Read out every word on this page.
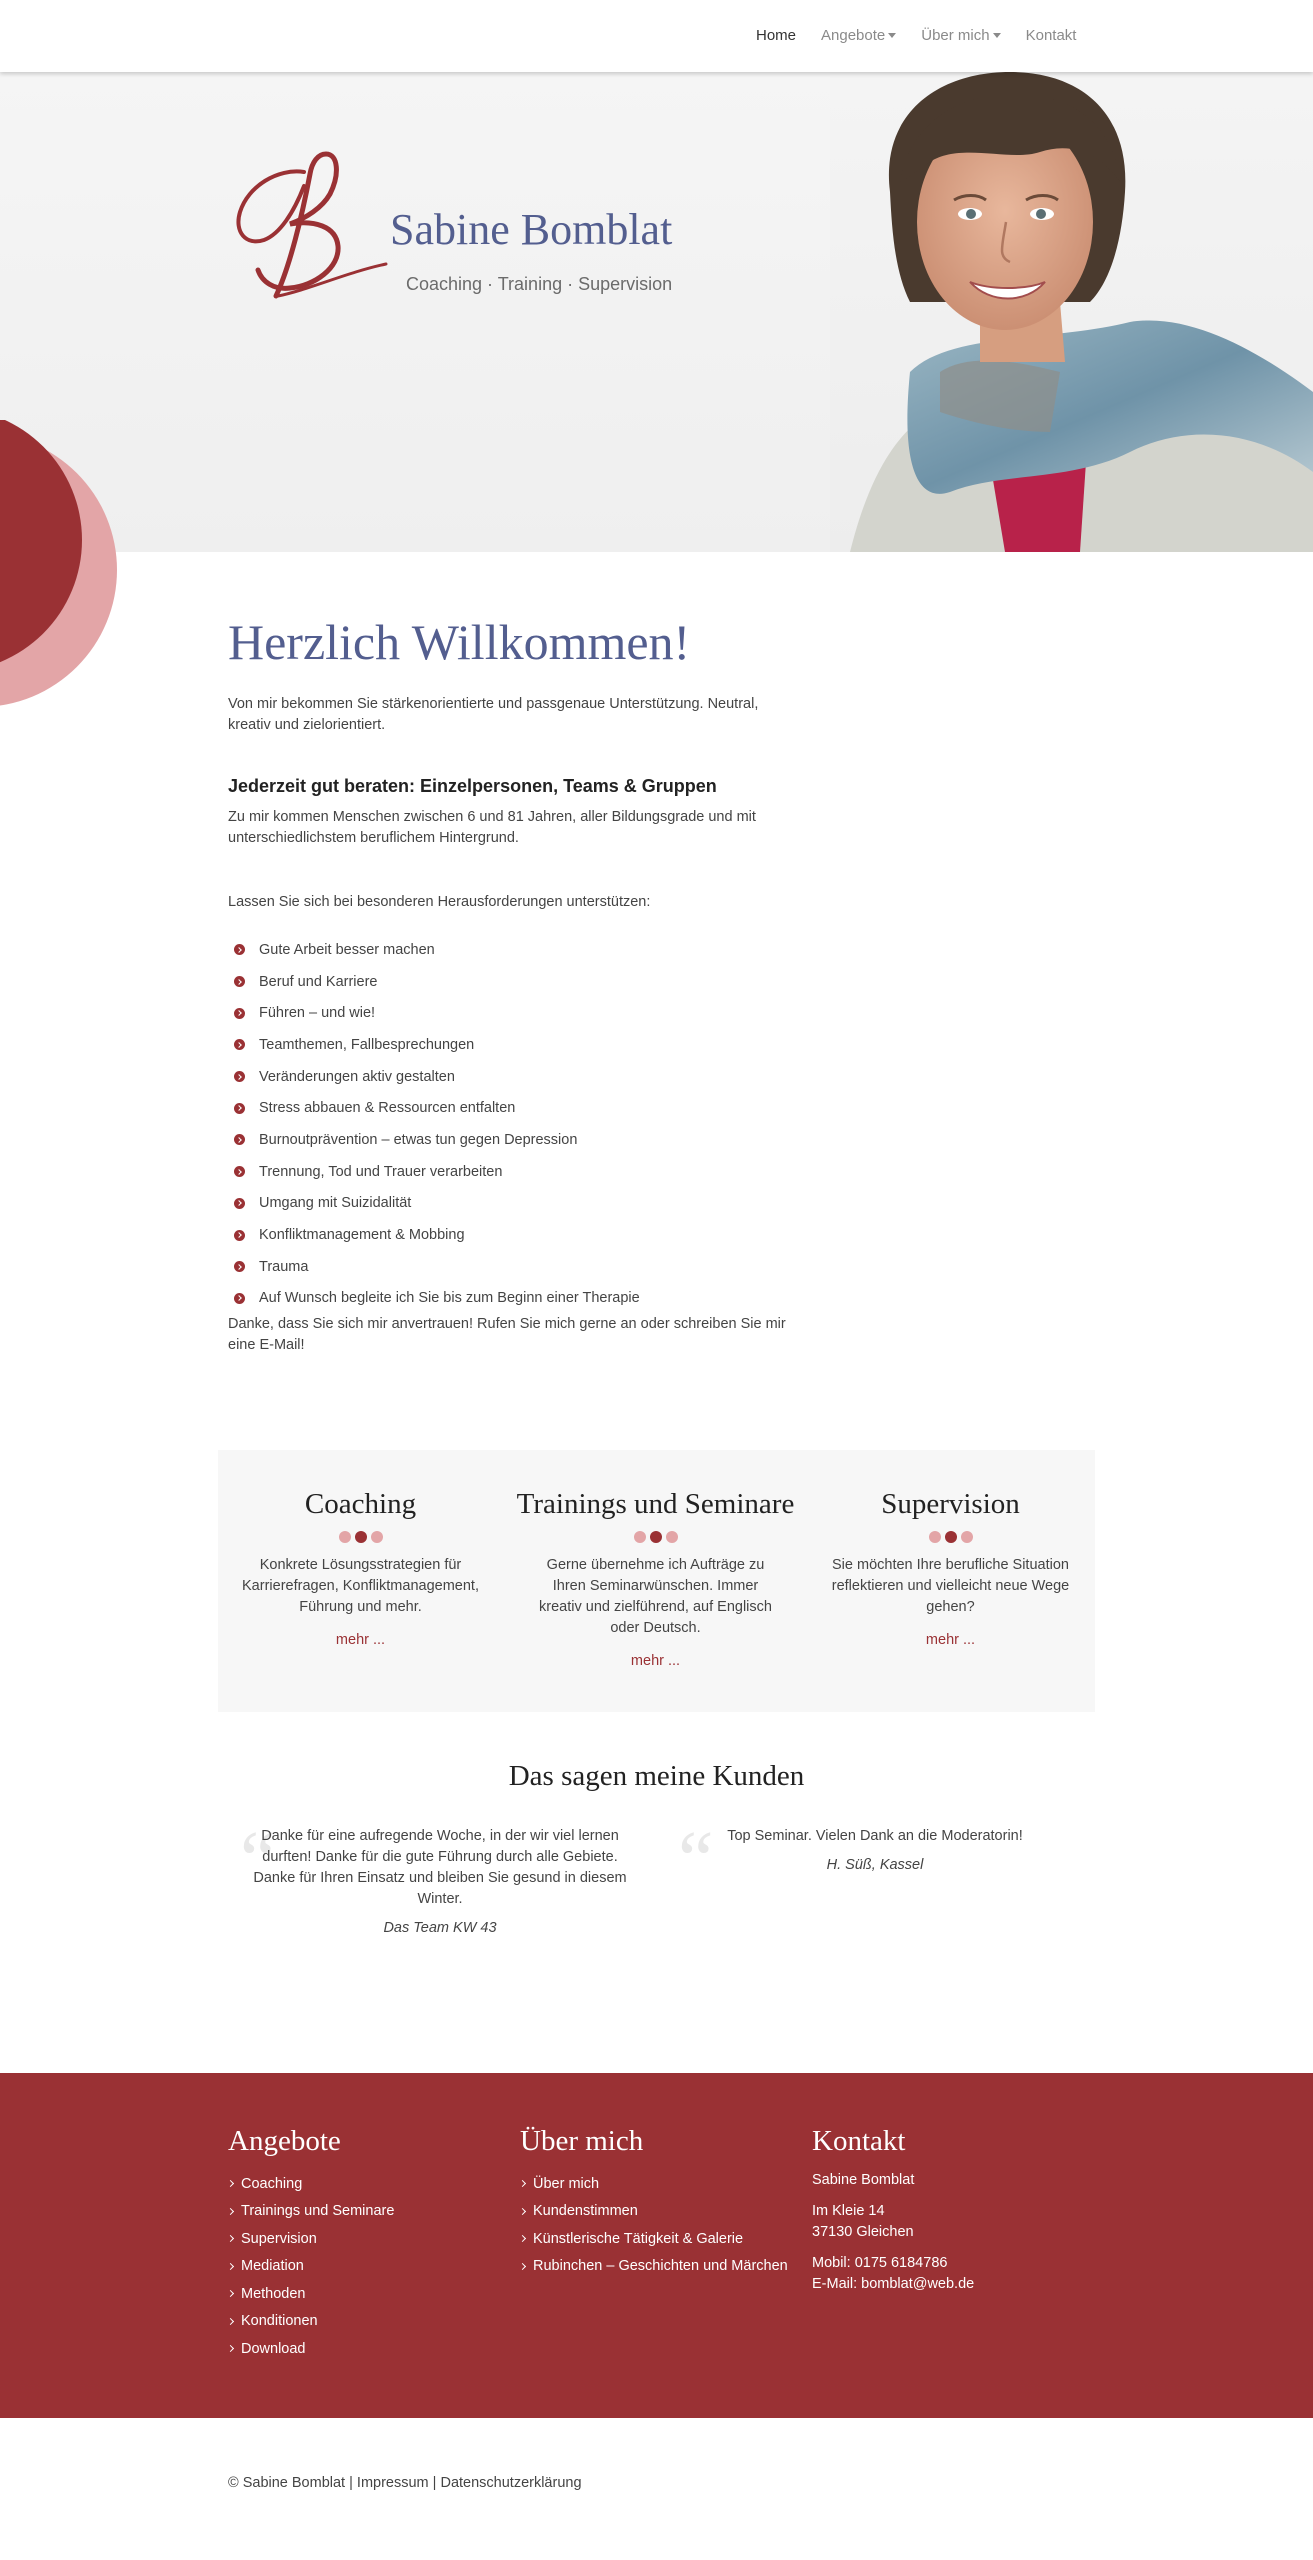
Home Angebote Über mich Kontakt
Sabine Bomblat
Coaching · Training · Supervision
Herzlich Willkommen!

Von mir bekommen Sie stärkenorientierte und passgenaue Unterstützung. Neutral, kreativ und zielorientiert.

Jederzeit gut beraten: Einzelpersonen, Teams & Gruppen

Zu mir kommen Menschen zwischen 6 und 81 Jahren, aller Bildungsgrade und mit unterschiedlichstem beruflichem Hintergrund.

Lassen Sie sich bei besonderen Herausforderungen unterstützen:

Gute Arbeit besser machen
Beruf und Karriere
Führen – und wie!
Teamthemen, Fallbesprechungen
Veränderungen aktiv gestalten
Stress abbauen & Ressourcen entfalten
Burnoutprävention – etwas tun gegen Depression
Trennung, Tod und Trauer verarbeiten
Umgang mit Suizidalität
Konfliktmanagement & Mobbing
Trauma
Auf Wunsch begleite ich Sie bis zum Beginn einer Therapie

Danke, dass Sie sich mir anvertrauen! Rufen Sie mich gerne an oder schreiben Sie mir eine E-Mail!

Coaching

Konkrete Lösungsstrategien für Karrierefragen, Konfliktmanagement, Führung und mehr.

mehr ...
Trainings und Seminare

Gerne übernehme ich Aufträge zu Ihren Seminarwünschen. Immer kreativ und zielführend, auf Englisch oder Deutsch.

mehr ...
Supervision

Sie möchten Ihre berufliche Situation reflektieren und vielleicht neue Wege gehen?

mehr ...
Das sagen meine Kunden
“

Danke für eine aufregende Woche, in der wir viel lernen durften! Danke für die gute Führung durch alle Gebiete. Danke für Ihren Einsatz und bleiben Sie gesund in diesem Winter.

Das Team KW 43

“ Top Seminar. Vielen Dank an die Moderatorin!

H. Süß, Kassel

Angebote
Coaching
Trainings und Seminare
Supervision
Mediation
Methoden
Konditionen
Download
Über mich
Über mich
Kundenstimmen
Künstlerische Tätigkeit & Galerie
Rubinchen – Geschichten und Märchen
Kontakt

Sabine Bomblat

Im Kleie 14

37130 Gleichen

Mobil: 0175 6184786

E-Mail: bomblat@web.de

© Sabine Bomblat | Impressum | Datenschutzerklärung
